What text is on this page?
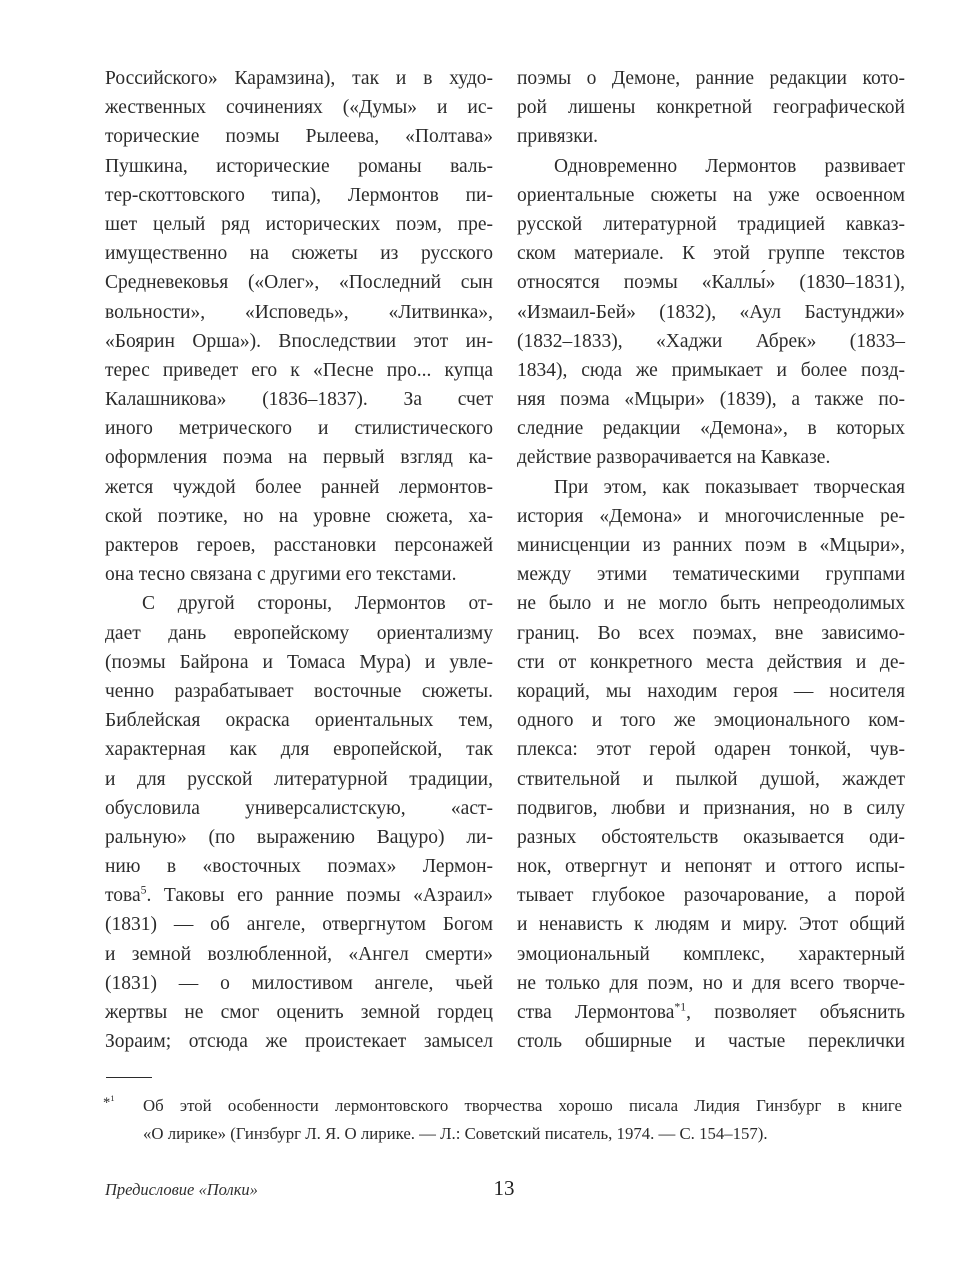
Российского» Карамзина), так и в худо-
жественных сочинениях («Думы» и ис-
торические поэмы Рылеева, «Полтава»
Пушкина, исторические романы валь-
тер-скоттовского типа), Лермонтов пи-
шет целый ряд исторических поэм, пре-
имущественно на сюжеты из русского
Средневековья («Олег», «Последний сын
вольности», «Исповедь», «Литвинка»,
«Боярин Орша»). Впоследствии этот ин-
терес приведет его к «Песне про... купца
Калашникова» (1836–1837). За счет
иного метрического и стилистического
оформления поэма на первый взгляд ка-
жется чуждой более ранней лермонтов-
ской поэтике, но на уровне сюжета, ха-
рактеров героев, расстановки персонажей
она тесно связана с другими его текстами.
С другой стороны, Лермонтов от-
дает дань европейскому ориентализму
(поэмы Байрона и Томаса Мура) и увле-
ченно разрабатывает восточные сюжеты.
Библейская окраска ориентальных тем,
характерная как для европейской, так
и для русской литературной традиции,
обусловила универсалистскую, «аст-
ральную» (по выражению Вацуро) ли-
нию в «восточных поэмах» Лермон-
това$^5$. Таковы его ранние поэмы «Азраил»
(1831) — об ангеле, отвергнутом Богом
и земной возлюбленной, «Ангел смерти»
(1831) — о милостивом ангеле, чьей
жертвы не смог оценить земной гордец
Зораим; отсюда же проистекает замысел
поэмы о Демоне, ранние редакции кото-
рой лишены конкретной географической
привязки.
Одновременно Лермонтов развивает
ориентальные сюжеты на уже освоенном
русской литературной традицией кавказ-
ском материале. К этой группе текстов
относятся поэмы «Каллы́» (1830–1831),
«Измаил-Бей» (1832), «Аул Бастунджи»
(1832–1833), «Хаджи Абрек» (1833–
1834), сюда же примыкает и более позд-
няя поэма «Мцыри» (1839), а также по-
следние редакции «Демона», в которых
действие разворачивается на Кавказе.
При этом, как показывает творческая
история «Демона» и многочисленные ре-
минисценции из ранних поэм в «Мцыри»,
между этими тематическими группами
не было и не могло быть непреодолимых
границ. Во всех поэмах, вне зависимо-
сти от конкретного места действия и де-
кораций, мы находим героя — носителя
одного и того же эмоционального ком-
плекса: этот герой одарен тонкой, чув-
ствительной и пылкой душой, жаждет
подвигов, любви и признания, но в силу
разных обстоятельств оказывается оди-
нок, отвергнут и непонят и оттого испы-
тывает глубокое разочарование, а порой
и ненависть к людям и миру. Этот общий
эмоциональный комплекс, характерный
не только для поэм, но и для всего творче-
ства Лермонтова$^{*1}$, позволяет объяснить
столь обширные и частые переклички
*$^1$	Об этой особенности лермонтовского творчества хорошо писала Лидия Гинзбург в книге
«О лирике» (Гинзбург Л. Я. О лирике. — Л.: Советский писатель, 1974. — С. 154–157).
13
Предисловие «Полки»
